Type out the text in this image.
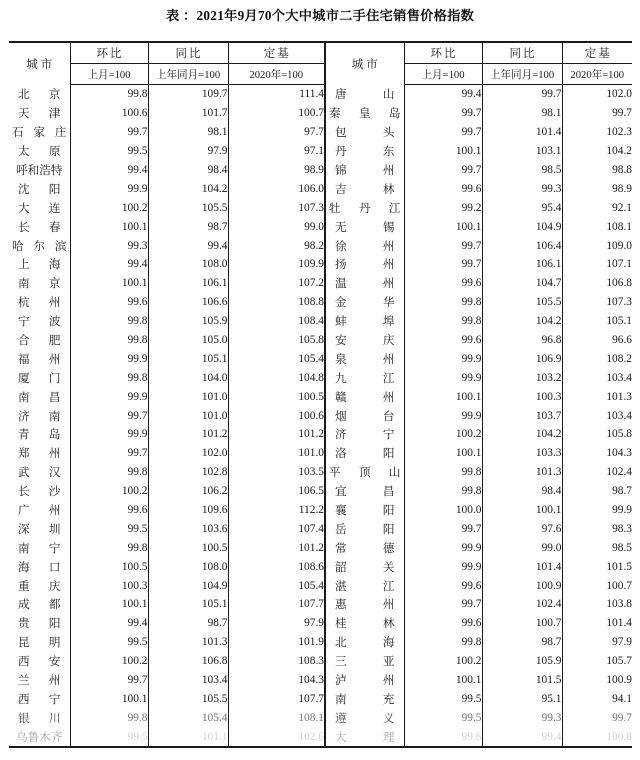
表 ：2021年9月70个大中城市二手住宅销售价格指数
城市	环比	同比	定基	城市	环比	同比	定基
	上月=100	上年同月=100	2020年=100		上月=100	上年同月=100	2020年=100

北 京	99.8	109.7	111.4	唐 山	99.4	99.7	102.0

天 津	100.6	101.7	100.7	秦 皇 岛	99.7	98.1	99.7

石 家 庄	99.7	98.1	97.7	包 头	99.7	101.4	102.3

太 原	99.5	97.9	97.1	丹 东	100.1	103.1	104.2

呼和浩特	99.4	98.4	98.9	锦 州	99.7	98.5	98.8

沈 阳	99.9	104.2	106.0	吉 林	99.6	99.3	98.9

大 连	100.2	105.5	107.3	牡 丹 江	99.2	95.4	92.1

长 春	100.1	98.7	99.0	无 锡	100.1	104.9	108.1

哈 尔 滨	99.3	99.4	98.2	徐 州	99.7	106.4	109.0

上 海	99.4	108.0	109.9	扬 州	99.7	106.1	107.1

南 京	100.1	106.1	107.2	温 州	99.6	104.7	106.8

杭 州	99.6	106.6	108.8	金 华	99.8	105.5	107.3

宁 波	99.8	105.9	108.4	蚌 埠	99.8	104.2	105.1

合 肥	99.8	105.0	105.8	安 庆	99.6	96.8	96.6

福 州	99.9	105.1	105.4	泉 州	99.9	106.9	108.2

厦 门	99.8	104.0	104.8	九 江	99.9	103.2	103.4

南 昌	99.9	101.0	100.5	赣 州	100.1	100.3	101.3

济 南	99.7	101.0	100.6	烟 台	99.9	103.7	103.4

青 岛	99.9	101.2	101.2	济 宁	100.2	104.2	105.8

郑 州	99.7	102.0	101.0	洛 阳	100.1	103.3	104.3

武 汉	99.8	102.8	103.5	平 顶 山	99.8	101.3	102.4

长 沙	100.2	106.2	106.5	宜 昌	99.8	98.4	98.7

广 州	99.6	109.6	112.2	襄 阳	100.0	100.1	99.9

深 圳	99.5	103.6	107.4	岳 阳	99.7	97.6	98.3

南 宁	99.8	100.5	101.2	常 德	99.9	99.0	98.5

海 口	100.5	108.0	108.6	韶 关	99.9	101.4	101.5

重 庆	100.3	104.9	105.4	湛 江	99.6	100.9	100.7

成 都	100.1	105.1	107.7	惠 州	99.7	102.4	103.8

贵 阳	99.4	98.7	97.9	桂 林	99.6	100.7	101.4

昆 明	99.5	101.3	101.9	北 海	99.8	98.7	97.9

西 安	100.2	106.8	108.3	三 亚	100.2	105.9	105.7

兰 州	99.7	103.4	104.3	泸 州	100.1	101.5	100.9

西 宁	100.1	105.5	107.7	南 充	99.5	95.1	94.1

银 川	99.8	105.4	108.1	遵 义	99.5	99.3	99.7

乌鲁木齐	99.5	101.1	102.6	大 理	99.6	99.4	100.8
